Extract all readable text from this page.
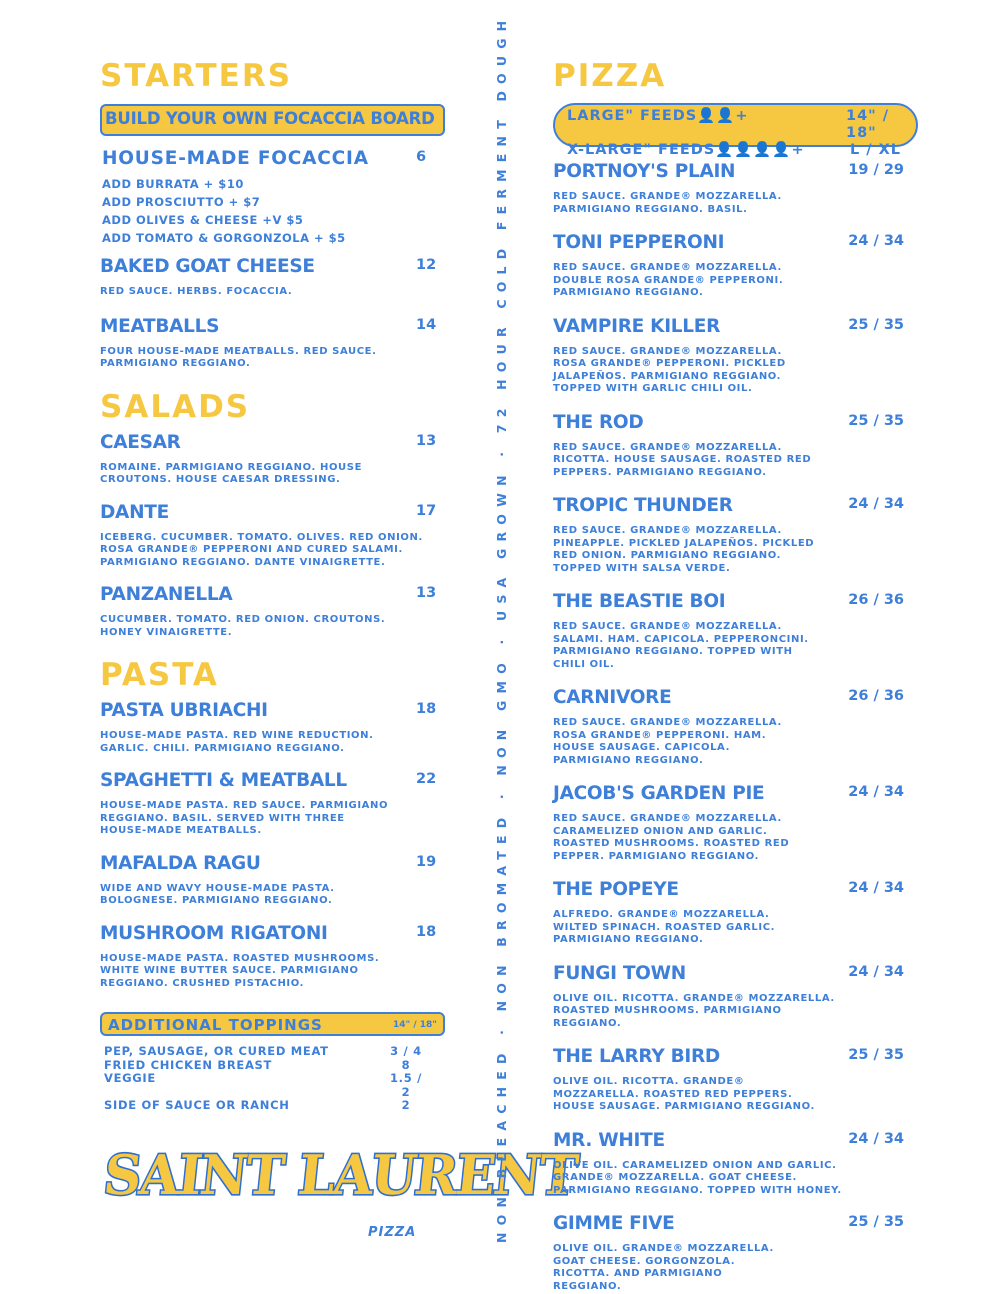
STARTERS
BUILD YOUR OWN FOCACCIA BOARD
HOUSE-MADE FOCACCIA	6
ADD BURRATA + $10
ADD PROSCIUTTO + $7
ADD OLIVES & CHEESE +V $5
ADD TOMATO & GORGONZOLA + $5
BAKED GOAT CHEESE	12
RED SAUCE. HERBS. FOCACCIA.
MEATBALLS	14
FOUR HOUSE-MADE MEATBALLS. RED SAUCE. PARMIGIANO REGGIANO.
SALADS
CAESAR	13
ROMAINE. PARMIGIANO REGGIANO. HOUSE CROUTONS. HOUSE CAESAR DRESSING.
DANTE	17
ICEBERG. CUCUMBER. TOMATO. OLIVES. RED ONION. ROSA GRANDE® PEPPERONI AND CURED SALAMI. PARMIGIANO REGGIANO. DANTE VINAIGRETTE.
PANZANELLA	13
CUCUMBER. TOMATO. RED ONION. CROUTONS. HONEY VINAIGRETTE.
PASTA
PASTA UBRIACHI	18
HOUSE-MADE PASTA. RED WINE REDUCTION. GARLIC. CHILI. PARMIGIANO REGGIANO.
SPAGHETTI & MEATBALL	22
HOUSE-MADE PASTA. RED SAUCE. PARMIGIANO REGGIANO. BASIL. SERVED WITH THREE HOUSE-MADE MEATBALLS.
MAFALDA RAGU	19
WIDE AND WAVY HOUSE-MADE PASTA. BOLOGNESE. PARMIGIANO REGGIANO.
MUSHROOM RIGATONI	18
HOUSE-MADE PASTA. ROASTED MUSHROOMS. WHITE WINE BUTTER SAUCE. PARMIGIANO REGGIANO. CRUSHED PISTACHIO.
ADDITIONAL TOPPINGS	14" / 18"
PEP, SAUSAGE, OR CURED MEAT	3 / 4
FRIED CHICKEN BREAST	8
VEGGIE	1.5 / 2
SIDE OF SAUCE OR RANCH	2
SAINT LAURENT
PIZZA	NON BLEACHED · NON BROMATED · NON GMO · USA GROWN · 72 HOUR COLD FERMENT DOUGH PIZZA
LARGE" FEEDS👤👤+	14" / 18"
X-LARGE" FEEDS👤👤👤👤+	L / XL
PORTNOY'S PLAIN	19 / 29
RED SAUCE. GRANDE® MOZZARELLA. PARMIGIANO REGGIANO. BASIL.
TONI PEPPERONI	24 / 34
RED SAUCE. GRANDE® MOZZARELLA. DOUBLE ROSA GRANDE® PEPPERONI. PARMIGIANO REGGIANO.
VAMPIRE KILLER	25 / 35
RED SAUCE. GRANDE® MOZZARELLA. ROSA GRANDE® PEPPERONI. PICKLED JALAPEÑOS. PARMIGIANO REGGIANO. TOPPED WITH GARLIC CHILI OIL.
THE ROD	25 / 35
RED SAUCE. GRANDE® MOZZARELLA. RICOTTA. HOUSE SAUSAGE. ROASTED RED PEPPERS. PARMIGIANO REGGIANO.
TROPIC THUNDER	24 / 34
RED SAUCE. GRANDE® MOZZARELLA. PINEAPPLE. PICKLED JALAPEÑOS. PICKLED RED ONION. PARMIGIANO REGGIANO. TOPPED WITH SALSA VERDE.
THE BEASTIE BOI	26 / 36
RED SAUCE. GRANDE® MOZZARELLA. SALAMI. HAM. CAPICOLA. PEPPERONCINI. PARMIGIANO REGGIANO. TOPPED WITH CHILI OIL.
CARNIVORE	26 / 36
RED SAUCE. GRANDE® MOZZARELLA. ROSA GRANDE® PEPPERONI. HAM. HOUSE SAUSAGE. CAPICOLA. PARMIGIANO REGGIANO.
JACOB'S GARDEN PIE	24 / 34
RED SAUCE. GRANDE® MOZZARELLA. CARAMELIZED ONION AND GARLIC. ROASTED MUSHROOMS. ROASTED RED PEPPER. PARMIGIANO REGGIANO.
THE POPEYE	24 / 34
ALFREDO. GRANDE® MOZZARELLA. WILTED SPINACH. ROASTED GARLIC. PARMIGIANO REGGIANO.
FUNGI TOWN	24 / 34
OLIVE OIL. RICOTTA. GRANDE® MOZZARELLA. ROASTED MUSHROOMS. PARMIGIANO REGGIANO.
THE LARRY BIRD	25 / 35
OLIVE OIL. RICOTTA. GRANDE® MOZZARELLA. ROASTED RED PEPPERS. HOUSE SAUSAGE. PARMIGIANO REGGIANO.
MR. WHITE	24 / 34
OLIVE OIL. CARAMELIZED ONION AND GARLIC. GRANDE® MOZZARELLA. GOAT CHEESE. PARMIGIANO REGGIANO. TOPPED WITH HONEY.
GIMME FIVE	25 / 35
OLIVE OIL. GRANDE® MOZZARELLA. GOAT CHEESE. GORGONZOLA. RICOTTA. AND PARMIGIANO REGGIANO.
